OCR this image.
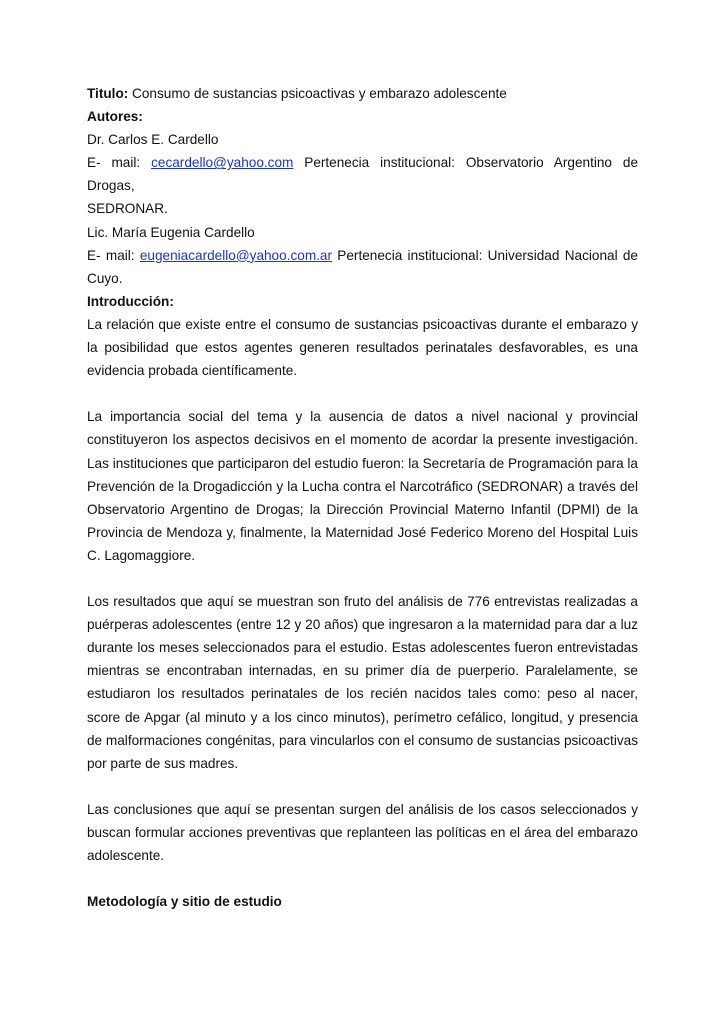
Titulo: Consumo de sustancias psicoactivas y embarazo adolescente

Autores:

Dr. Carlos E. Cardello

E- mail: cecardello@yahoo.com Pertenecia institucional: Observatorio Argentino de Drogas,

SEDRONAR.

Lic. María Eugenia Cardello

E- mail: eugeniacardello@yahoo.com.ar Pertenecia institucional: Universidad Nacional de

Cuyo.

Introducción:

La relación que existe entre el consumo de sustancias psicoactivas durante el embarazo y la posibilidad que estos agentes generen resultados perinatales desfavorables, es una evidencia probada científicamente.

La importancia social del tema y la ausencia de datos a nivel nacional y provincial constituyeron los aspectos decisivos en el momento de acordar la presente investigación. Las instituciones que participaron del estudio fueron: la Secretaría de Programación para la Prevención de la Drogadicción y la Lucha contra el Narcotráfico (SEDRONAR) a través del Observatorio Argentino de Drogas; la Dirección Provincial Materno Infantil (DPMI) de la Provincia de Mendoza y, finalmente, la Maternidad José Federico Moreno del Hospital Luis C. Lagomaggiore.

Los resultados que aquí se muestran son fruto del análisis de 776 entrevistas realizadas a puérperas adolescentes (entre 12 y 20 años) que ingresaron a la maternidad para dar a luz durante los meses seleccionados para el estudio. Estas adolescentes fueron entrevistadas mientras se encontraban internadas, en su primer día de puerperio. Paralelamente, se estudiaron los resultados perinatales de los recién nacidos tales como: peso al nacer, score de Apgar (al minuto y a los cinco minutos), perímetro cefálico, longitud, y presencia de malformaciones congénitas, para vincularlos con el consumo de sustancias psicoactivas por parte de sus madres.

Las conclusiones que aquí se presentan surgen del análisis de los casos seleccionados y buscan formular acciones preventivas que replanteen las políticas en el área del embarazo adolescente.

Metodología y sitio de estudio
